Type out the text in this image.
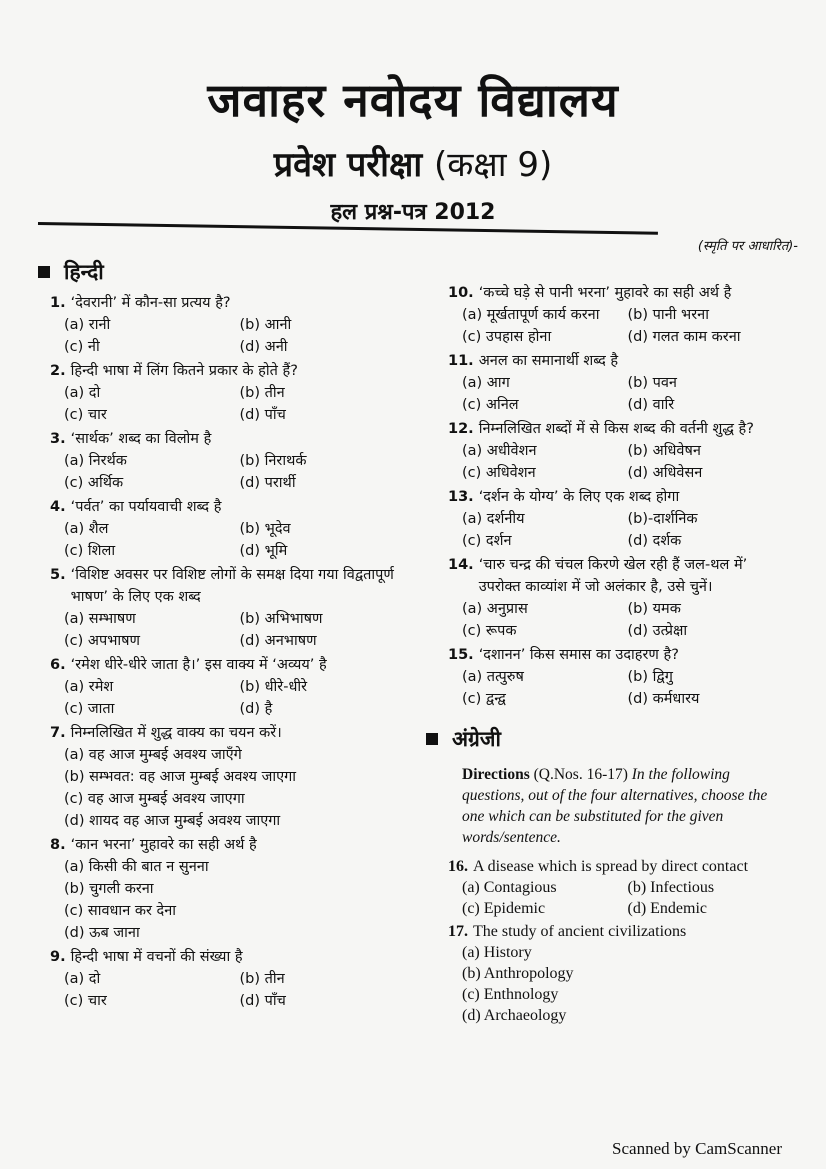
जवाहर नवोदय विद्यालय
प्रवेश परीक्षा (कक्षा 9)
हल प्रश्न-पत्र 2012
(स्मृति पर आधारित)-
हिन्दी
1. ‘देवरानी’ में कौन-सा प्रत्यय है?
(a) रानी	(b) आनी
(c) नी	(d) अनी
2. हिन्दी भाषा में लिंग कितने प्रकार के होते हैं?
(a) दो	(b) तीन
(c) चार	(d) पाँच
3. ‘सार्थक’ शब्द का विलोम है
(a) निरर्थक	(b) निराथर्क
(c) अर्थिक	(d) परार्थी
4. ‘पर्वत’ का पर्यायवाची शब्द है
(a) शैल	(b) भूदेव
(c) शिला	(d) भूमि
5. ‘विशिष्ट अवसर पर विशिष्ट लोगों के समक्ष दिया गया विद्वतापूर्ण भाषण’ के लिए एक शब्द
(a) सम्भाषण	(b) अभिभाषण
(c) अपभाषण	(d) अनभाषण
6. ‘रमेश धीरे-धीरे जाता है।’ इस वाक्य में ‘अव्यय’ है
(a) रमेश	(b) धीरे-धीरे
(c) जाता	(d) है
7. निम्नलिखित में शुद्ध वाक्य का चयन करें।
(a) वह आज मुम्बई अवश्य जाएँगे
(b) सम्भवत: वह आज मुम्बई अवश्य जाएगा
(c) वह आज मुम्बई अवश्य जाएगा
(d) शायद वह आज मुम्बई अवश्य जाएगा
8. ‘कान भरना’ मुहावरे का सही अर्थ है
(a) किसी की बात न सुनना
(b) चुगली करना
(c) सावधान कर देना
(d) ऊब जाना
9. हिन्दी भाषा में वचनों की संख्या है
(a) दो	(b) तीन
(c) चार	(d) पाँच
10. ‘कच्चे घड़े से पानी भरना’ मुहावरे का सही अर्थ है
(a) मूर्खतापूर्ण कार्य करना	(b) पानी भरना
(c) उपहास होना	(d) गलत काम करना
11. अनल का समानार्थी शब्द है
(a) आग	(b) पवन
(c) अनिल	(d) वारि
12. निम्नलिखित शब्दों में से किस शब्द की वर्तनी शुद्ध है?
(a) अधीवेशन	(b) अधिवेषन
(c) अधिवेशन	(d) अधिवेसन
13. ‘दर्शन के योग्य’ के लिए एक शब्द होगा
(a) दर्शनीय	(b)-दार्शनिक
(c) दर्शन	(d) दर्शक
14. ‘चारु चन्द्र की चंचल किरणे खेल रही हैं जल-थल में’ उपरोक्त काव्यांश में जो अलंकार है, उसे चुनें।
(a) अनुप्रास	(b) यमक
(c) रूपक	(d) उत्प्रेक्षा
15. ‘दशानन’ किस समास का उदाहरण है?
(a) तत्पुरुष	(b) द्विगु
(c) द्वन्द्व	(d) कर्मधारय
अंग्रेजी
Directions (Q.Nos. 16-17) In the following questions, out of the four alternatives, choose the one which can be substituted for the given words/sentence.
16. A disease which is spread by direct contact
(a) Contagious	(b) Infectious
(c) Epidemic	(d) Endemic
17. The study of ancient civilizations
(a) History
(b) Anthropology
(c) Enthnology
(d) Archaeology
Scanned by CamScanner
